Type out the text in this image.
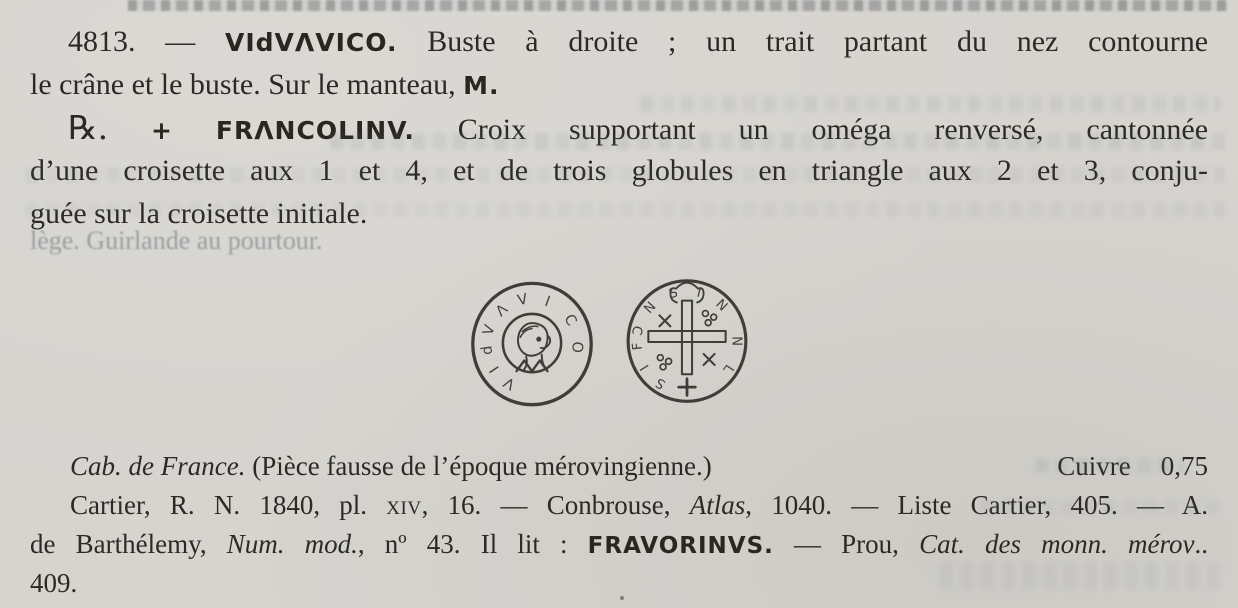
lège. Guirlande au pourtour.
4813. — VIdVΛVICO. Buste à droite ; un trait partant du nez contourne
le crâne et le buste. Sur le manteau, M.
℞. + FRΛNCOLINV. Croix supportant un oméga renversé, cantonnée
d’une croisette aux 1 et 4, et de trois globules en triangle aux 2 et 3, conju-
guée sur la croisette initiale.
V
I
d
V
Λ
V I
C
O
Ɔ
N
S I
N
N
L
F
I
S
Cab. de France. (Pièce fausse de l’époque mérovingienne.)	Cuivre 0,75
Cartier, R. N. 1840, pl. xiv, 16. — Conbrouse, Atlas, 1040. — Liste Cartier, 405. — A.
de Barthélemy, Num. mod., nº 43. Il lit : FRAVORINVS. — Prou, Cat. des monn. mérov..
409.
